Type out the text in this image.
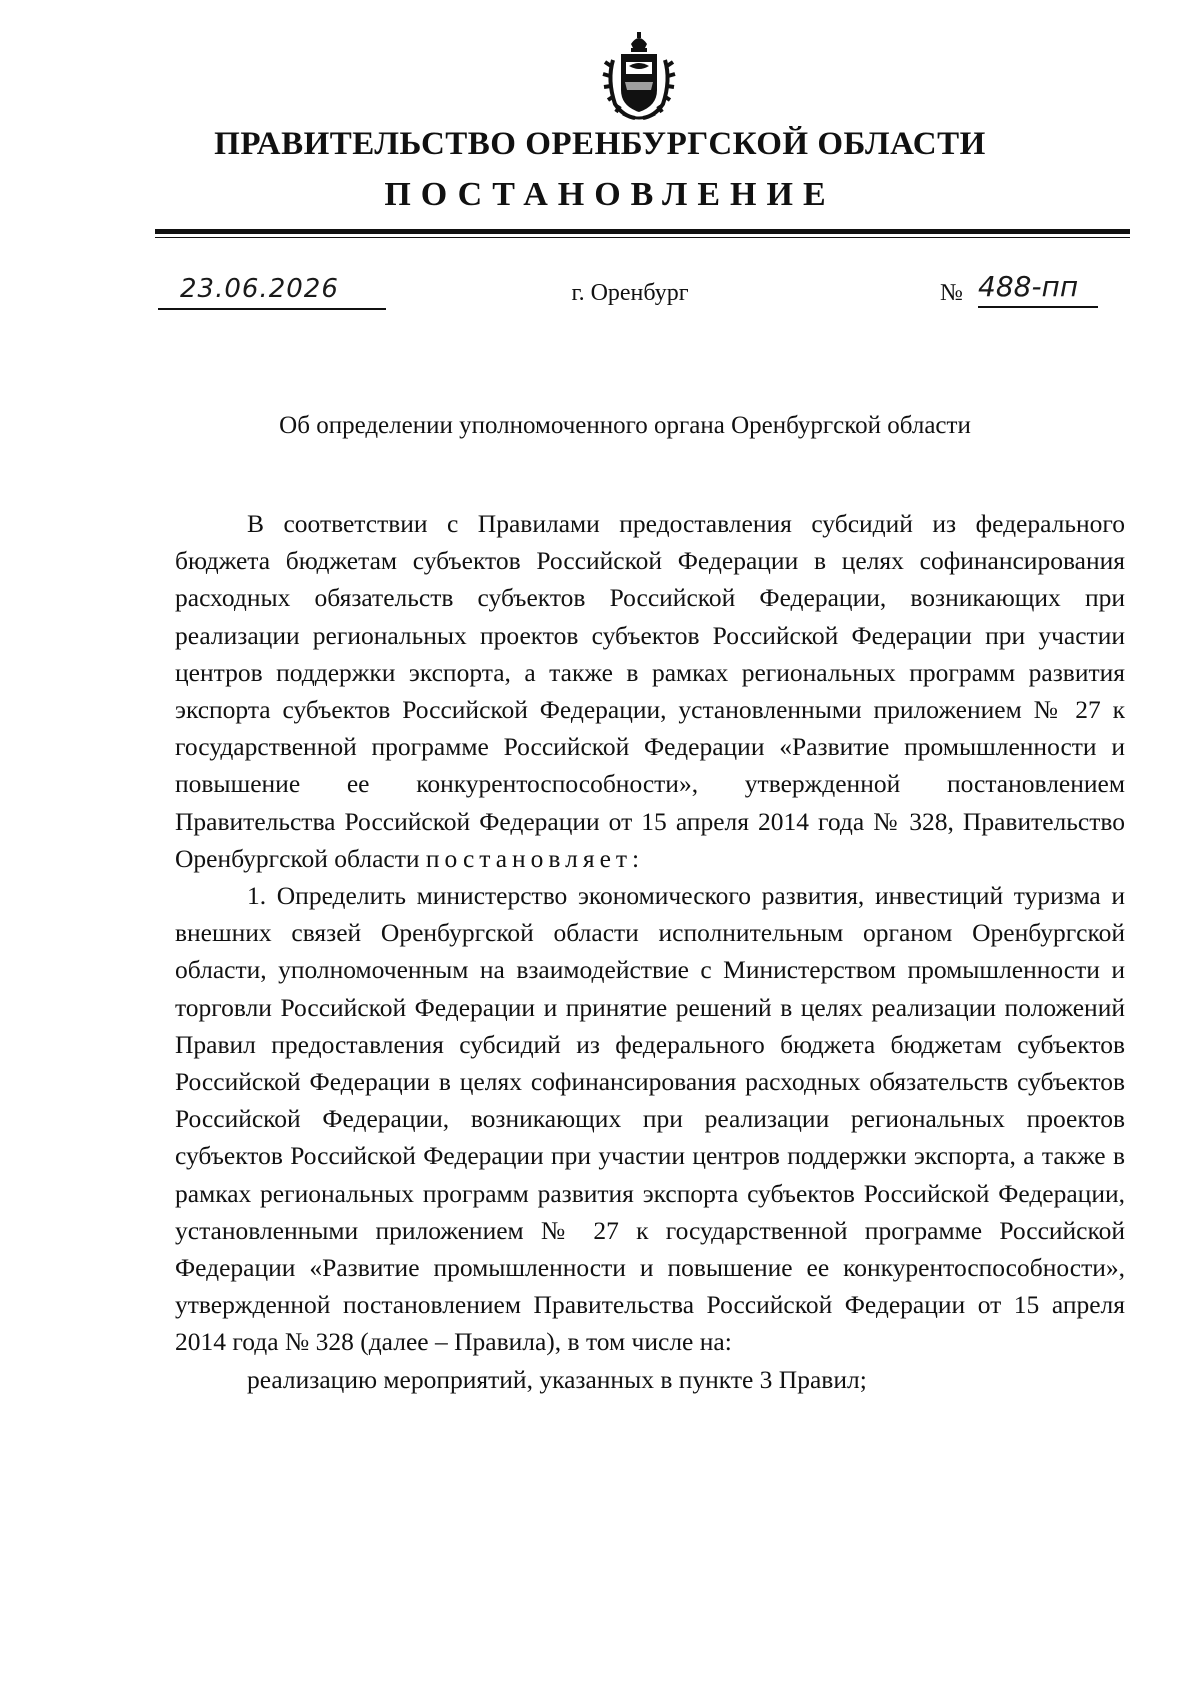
ПРАВИТЕЛЬСТВО ОРЕНБУРГСКОЙ ОБЛАСТИ
ПОСТАНОВЛЕНИЕ
23.06.2026	г. Оренбург	№ 488-пп
Об определении уполномоченного органа Оренбургской области

В соответствии с Правилами предоставления субсидий из федерального бюджета бюджетам субъектов Российской Федерации в целях софинансирования расходных обязательств субъектов Российской Федерации, возникающих при реализации региональных проектов субъектов Российской Федерации при участии центров поддержки экспорта, а также в рамках региональных программ развития экспорта субъектов Российской Федерации, установленными приложением № 27 к государственной программе Российской Федерации «Развитие промышленности и повышение ее конкурентоспособности», утвержденной постановлением Правительства Российской Федерации от 15 апреля 2014 года № 328, Правительство Оренбургской области постановляет:

1. Определить министерство экономического развития, инвестиций туризма и внешних связей Оренбургской области исполнительным органом Оренбургской области, уполномоченным на взаимодействие с Министерством промышленности и торговли Российской Федерации и принятие решений в целях реализации положений Правил предоставления субсидий из федерального бюджета бюджетам субъектов Российской Федерации в целях софинансирования расходных обязательств субъектов Российской Федерации, возникающих при реализации региональных проектов субъектов Российской Федерации при участии центров поддержки экспорта, а также в рамках региональных программ развития экспорта субъектов Российской Федерации, установленными приложением № 27 к государственной программе Российской Федерации «Развитие промышленности и повышение ее конкурентоспособности», утвержденной постановлением Правительства Российской Федерации от 15 апреля 2014 года № 328 (далее – Правила), в том числе на:

реализацию мероприятий, указанных в пункте 3 Правил;
